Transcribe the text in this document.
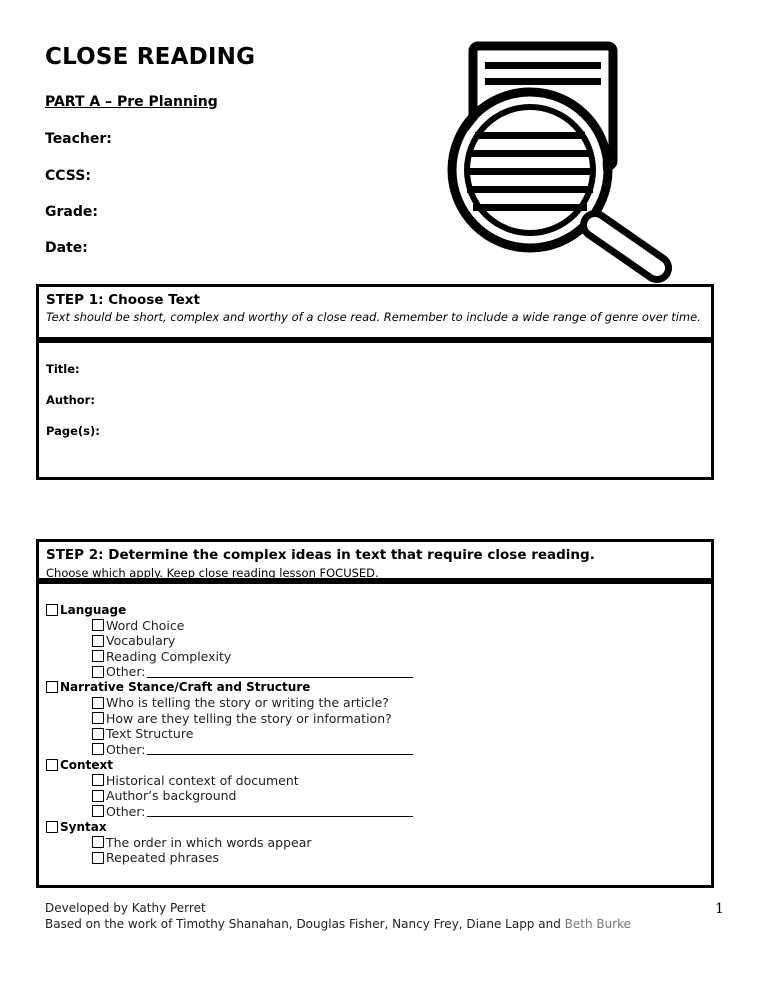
CLOSE READING
PART A – Pre Planning
Teacher:
CCSS:
Grade:
Date:
STEP 1: Choose Text
Text should be short, complex and worthy of a close read. Remember to include a wide range of genre over time.
Title:
Author:
Page(s):
STEP 2: Determine the complex ideas in text that require close reading.
Choose which apply. Keep close reading lesson FOCUSED.
Language
Word Choice
Vocabulary
Reading Complexity
Other:
Narrative Stance/Craft and Structure
Who is telling the story or writing the article?
How are they telling the story or information?
Text Structure
Other:
Context
Historical context of document
Author’s background
Other:
Syntax
The order in which words appear
Repeated phrases
Developed by Kathy Perret
Based on the work of Timothy Shanahan, Douglas Fisher, Nancy Frey, Diane Lapp and Beth Burke
1
